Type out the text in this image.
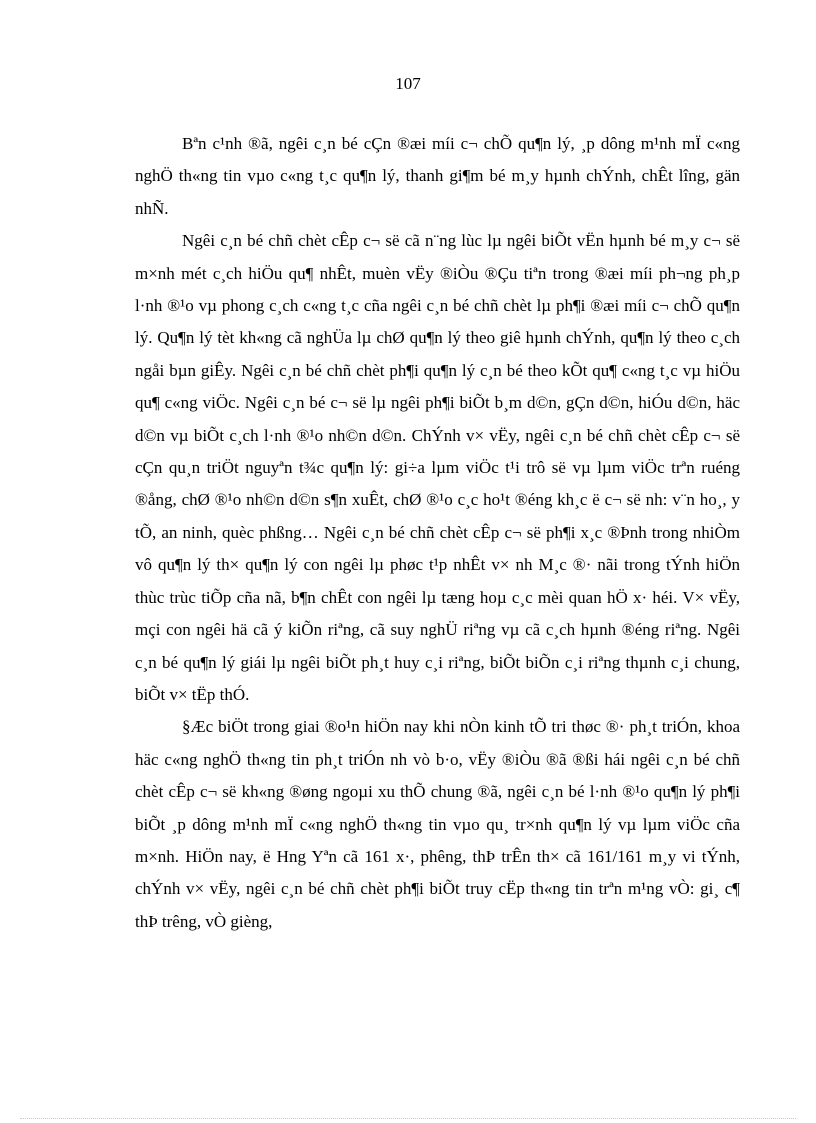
107

Bªn c¹nh ®ã, ngêi c¸n bé cÇn ®æi míi c¬ chÕ qu¶n lý, ¸p dông m¹nh mÏ c«ng nghÖ th«ng tin vµo c«ng t¸c qu¶n lý, thanh gi¶m bé m¸y hµnh chÝnh, chÊt lîng, gän nhÑ.

Ngêi c¸n bé chñ chèt cÊp c¬ së cã n¨ng lùc lµ ngêi biÕt vËn hµnh bé m¸y c¬ së m×nh mét c¸ch hiÖu qu¶ nhÊt, muèn vËy ®iÒu ®Çu tiªn trong ®æi míi ph¬ng ph¸p l·nh ®¹o vµ phong c¸ch c«ng t¸c cña ngêi c¸n bé chñ chèt lµ ph¶i ®æi míi c¬ chÕ qu¶n lý. Qu¶n lý tèt kh«ng cã nghÜa lµ chØ qu¶n lý theo giê hµnh chÝnh, qu¶n lý theo c¸ch ngåi bµn giÊy. Ngêi c¸n bé chñ chèt ph¶i qu¶n lý c¸n bé theo kÕt qu¶ c«ng t¸c vµ hiÖu qu¶ c«ng viÖc. Ngêi c¸n bé c¬ së lµ ngêi ph¶i biÕt b¸m d©n, gÇn d©n, hiÓu d©n, häc d©n vµ biÕt c¸ch l·nh ®¹o nh©n d©n. ChÝnh v× vËy, ngêi c¸n bé chñ chèt cÊp c¬ së cÇn qu¸n triÖt nguyªn t¾c qu¶n lý: gi÷a lµm viÖc t¹i trô së vµ lµm viÖc trªn ruéng ®ång, chØ ®¹o nh©n d©n s¶n xuÊt, chØ ®¹o c¸c ho¹t ®éng kh¸c ë c¬ së nh: v¨n ho¸, y tÕ, an ninh, quèc phßng… Ngêi c¸n bé chñ chèt cÊp c¬ së ph¶i x¸c ®Þnh trong nhiÒm vô qu¶n lý th× qu¶n lý con ngêi lµ phøc t¹p nhÊt v× nh M¸c ®· nãi trong tÝnh hiÖn thùc trùc tiÕp cña nã, b¶n chÊt con ngêi lµ tæng hoµ c¸c mèi quan hÖ x· héi. V× vËy, mçi con ngêi hä cã ý kiÕn riªng, cã suy nghÜ riªng vµ cã c¸ch hµnh ®éng riªng. Ngêi c¸n bé qu¶n lý giái lµ ngêi biÕt ph¸t huy c¸i riªng, biÕt biÕn c¸i riªng thµnh c¸i chung, biÕt v× tËp thÓ.

§Æc biÖt trong giai ®o¹n hiÖn nay khi nÒn kinh tÕ tri thøc ®· ph¸t triÓn, khoa häc c«ng nghÖ th«ng tin ph¸t triÓn nh vò b·o, vËy ®iÒu ®ã ®ßi hái ngêi c¸n bé chñ chèt cÊp c¬ së kh«ng ®øng ngoµi xu thÕ chung ®ã, ngêi c¸n bé l·nh ®¹o qu¶n lý ph¶i biÕt ¸p dông m¹nh mÏ c«ng nghÖ th«ng tin vµo qu¸ tr×nh qu¶n lý vµ lµm viÖc cña m×nh. HiÖn nay, ë Hng Yªn cã 161 x·, phêng, thÞ trÊn th× cã 161/161 m¸y vi tÝnh, chÝnh v× vËy, ngêi c¸n bé chñ chèt ph¶i biÕt truy cËp th«ng tin trªn m¹ng vÒ: gi¸ c¶ thÞ trêng, vÒ gièng,
